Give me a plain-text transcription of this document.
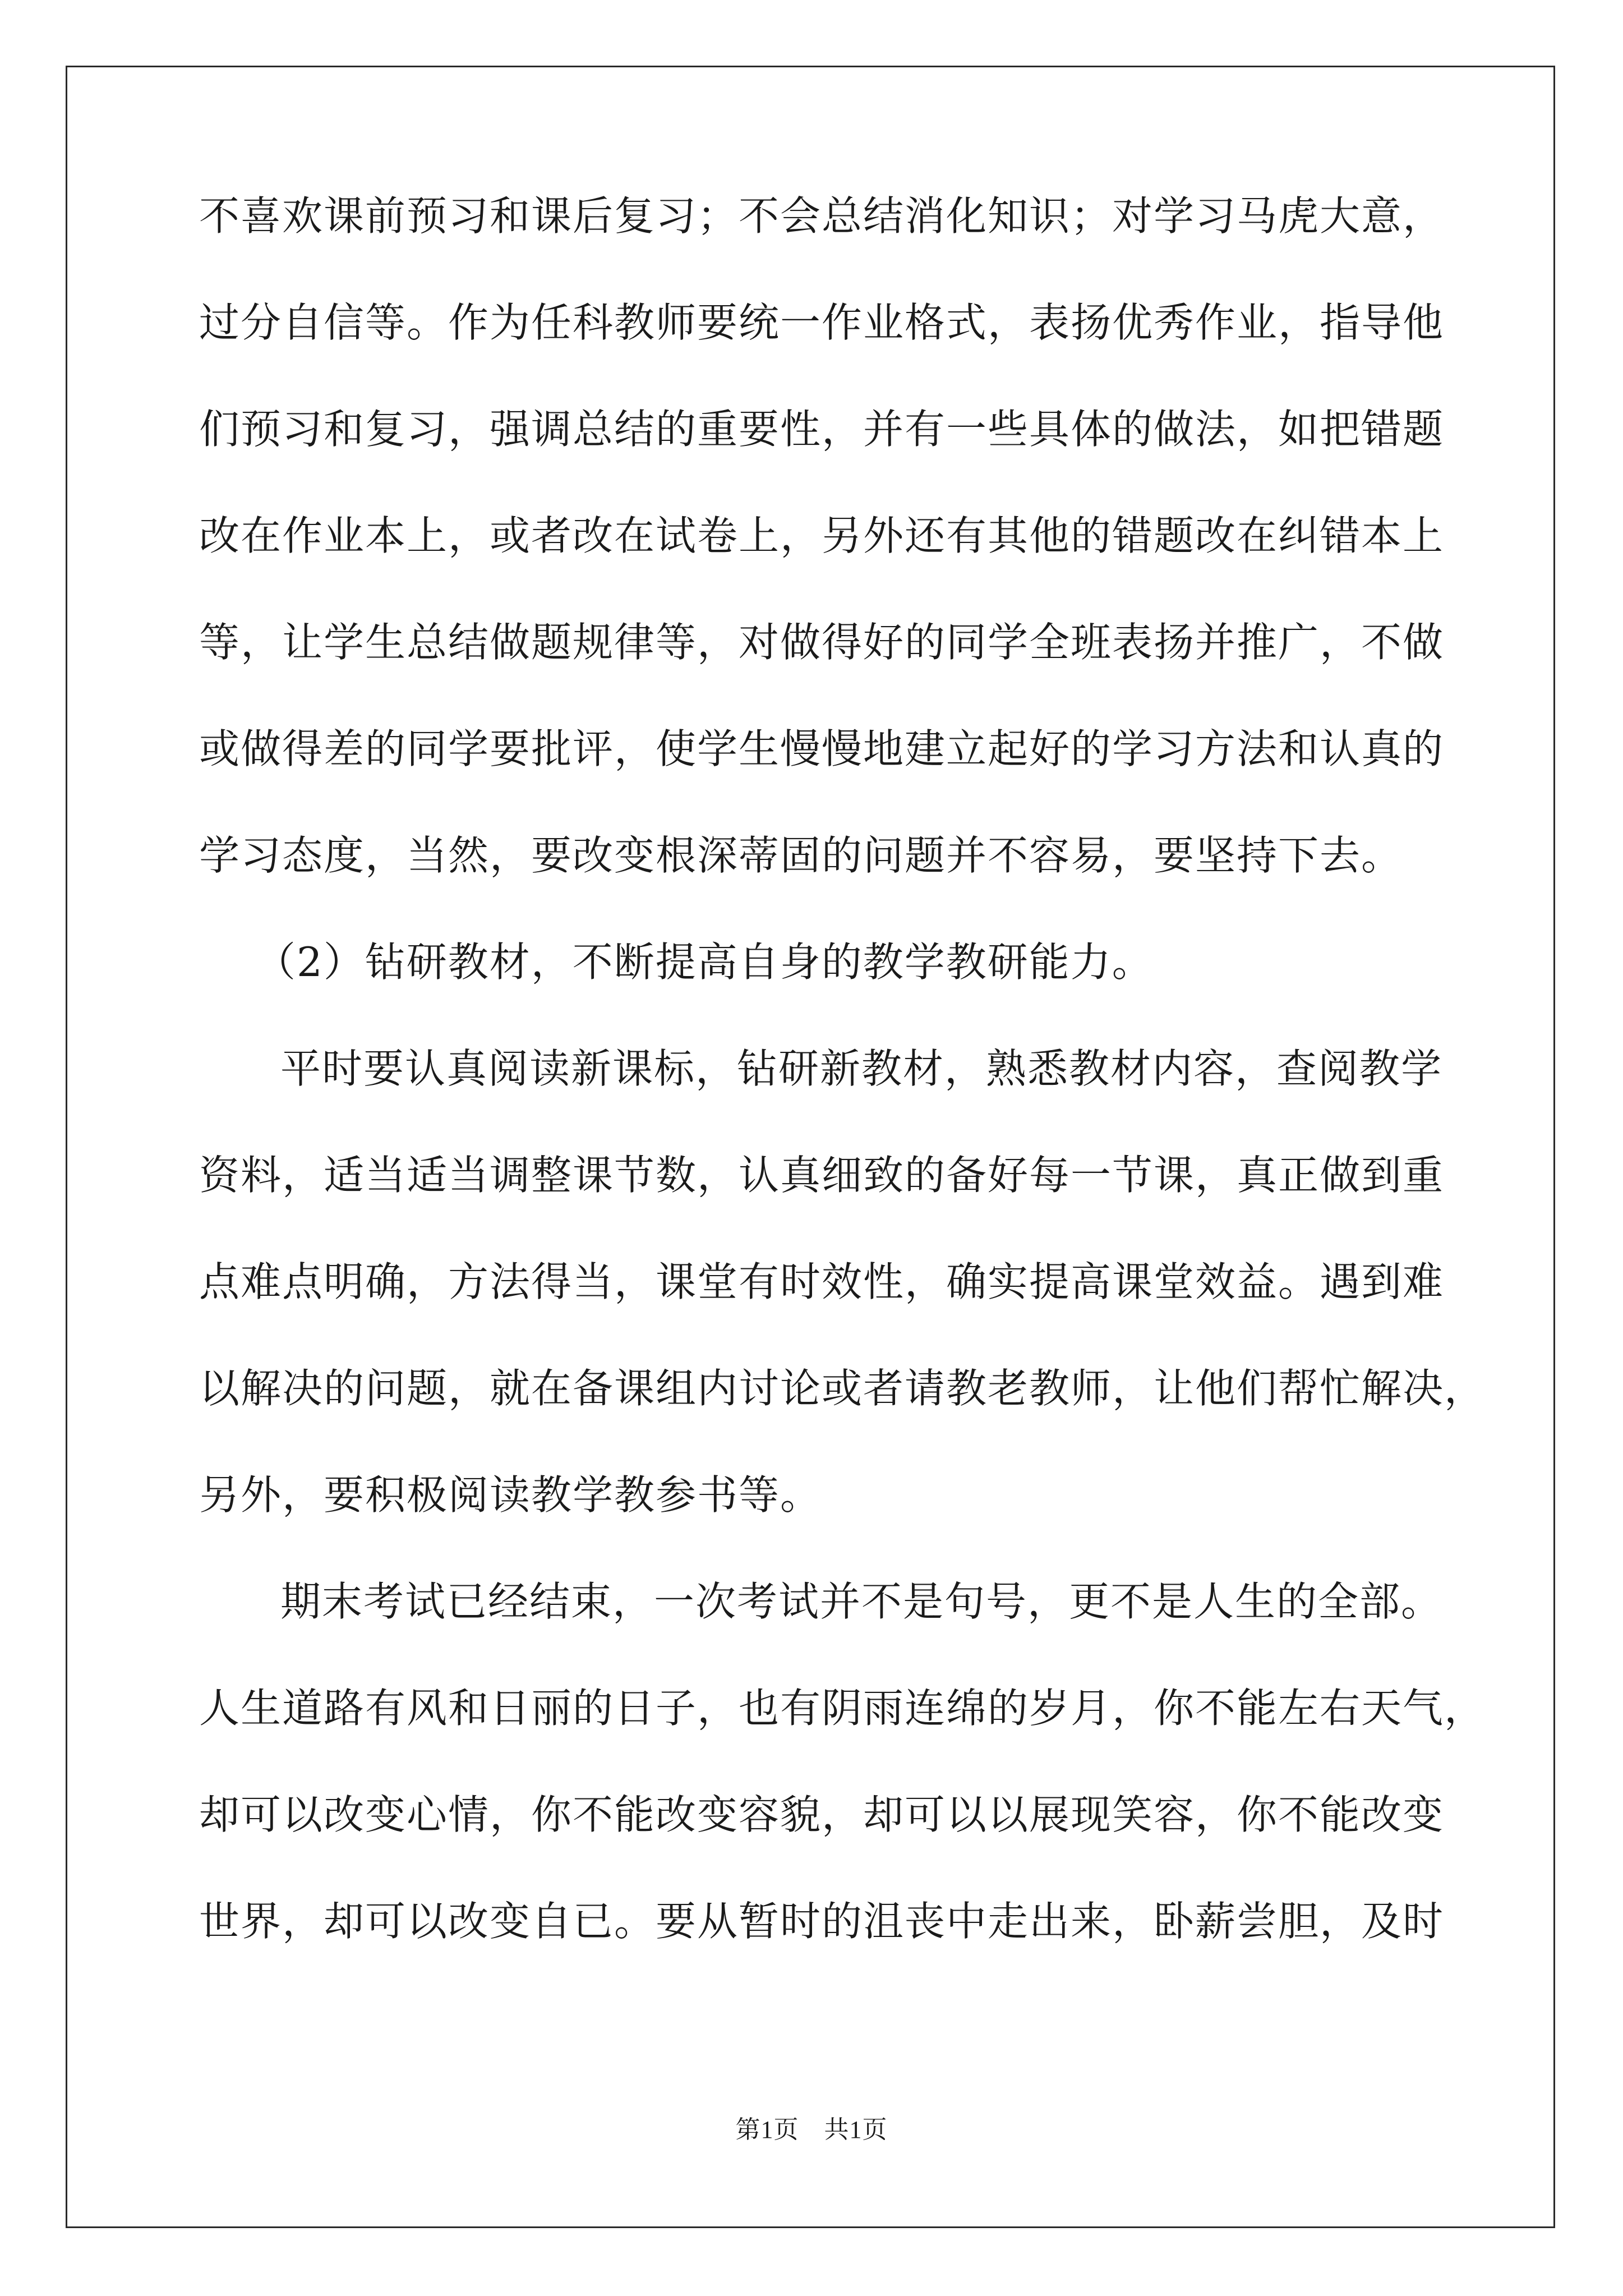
不喜欢课前预习和课后复习；不会总结消化知识；对学习马虎大意，
过分自信等。作为任科教师要统一作业格式，表扬优秀作业，指导他
们预习和复习，强调总结的重要性，并有一些具体的做法，如把错题
改在作业本上，或者改在试卷上，另外还有其他的错题改在纠错本上
等，让学生总结做题规律等，对做得好的同学全班表扬并推广，不做
或做得差的同学要批评，使学生慢慢地建立起好的学习方法和认真的
学习态度，当然，要改变根深蒂固的问题并不容易，要坚持下去。
（2）钻研教材，不断提高自身的教学教研能力。
平时要认真阅读新课标，钻研新教材，熟悉教材内容，查阅教学
资料，适当适当调整课节数，认真细致的备好每一节课，真正做到重
点难点明确，方法得当，课堂有时效性，确实提高课堂效益。遇到难
以解决的问题，就在备课组内讨论或者请教老教师，让他们帮忙解决，
另外，要积极阅读教学教参书等。
期末考试已经结束，一次考试并不是句号，更不是人生的全部。
人生道路有风和日丽的日子，也有阴雨连绵的岁月，你不能左右天气，
却可以改变心情，你不能改变容貌，却可以以展现笑容，你不能改变
世界，却可以改变自已。要从暂时的沮丧中走出来，卧薪尝胆，及时
第1页　共1页
